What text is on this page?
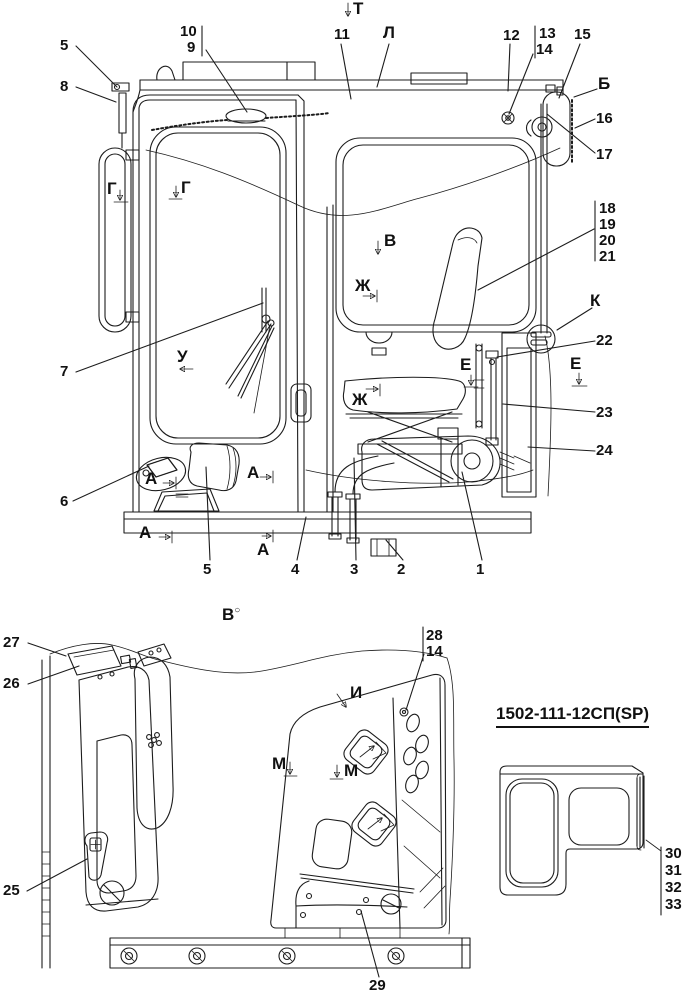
5
8
10
9
11	12 13
14
15
16
17
18
19
20
21
22
23
24
7
6
5	4	3	2	1
27
26
28
14
25
29
30
31
32
33
Т
Л
Б
Г	Г
В
Ж
Ж
У	Е	Е
К
А	А
А
А
В○
И
М	М
1502-111-12СП(SP)
